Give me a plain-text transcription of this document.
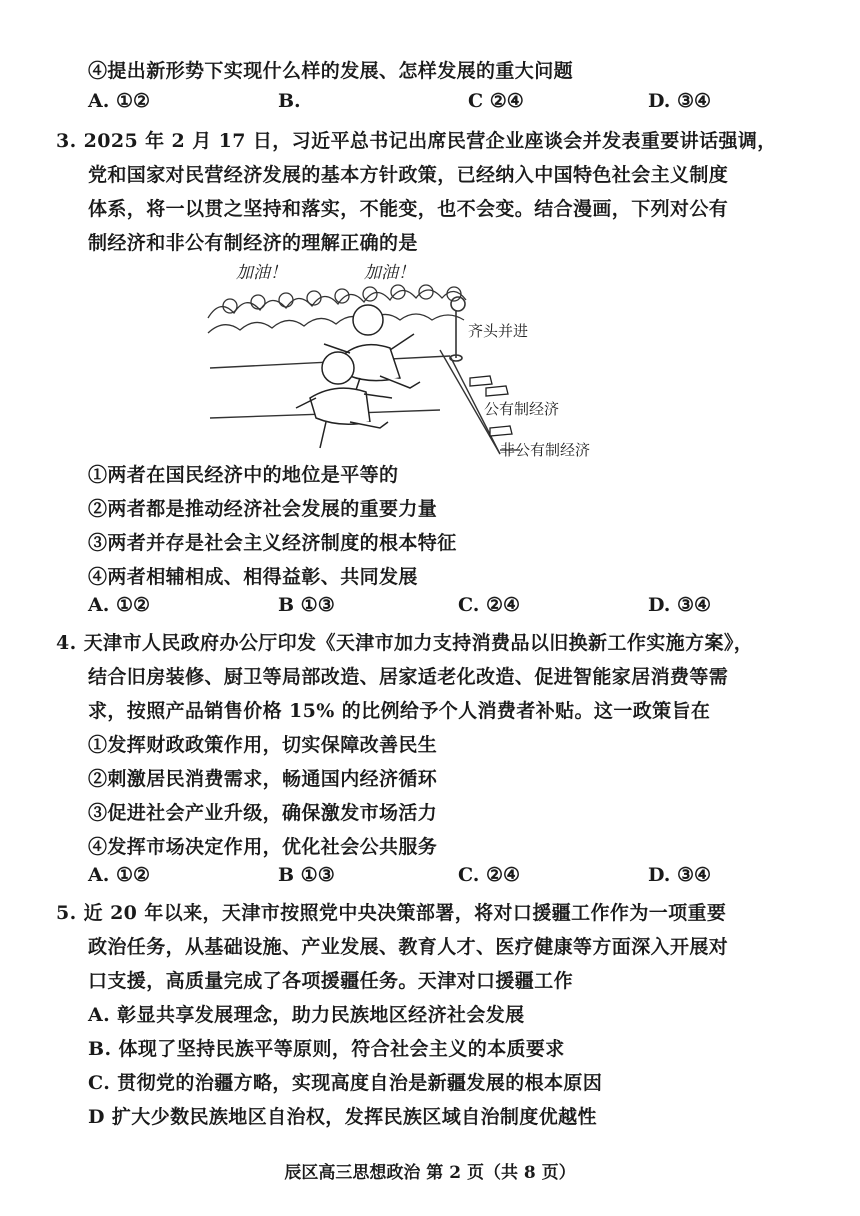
④提出新形势下实现什么样的发展、怎样发展的重大问题
A. ①②	B.	C ②④	D. ③④
3. 2025 年 2 月 17 日，习近平总书记出席民营企业座谈会并发表重要讲话强调，
党和国家对民营经济发展的基本方针政策，已经纳入中国特色社会主义制度
体系，将一以贯之坚持和落实，不能变，也不会变。结合漫画，下列对公有
制经济和非公有制经济的理解正确的是
加油！	加油！
齐头并进
公有制经济
非公有制经济
①两者在国民经济中的地位是平等的
②两者都是推动经济社会发展的重要力量
③两者并存是社会主义经济制度的根本特征
④两者相辅相成、相得益彰、共同发展
A. ①②	B ①③	C. ②④	D. ③④
4. 天津市人民政府办公厅印发《天津市加力支持消费品以旧换新工作实施方案》，
结合旧房装修、厨卫等局部改造、居家适老化改造、促进智能家居消费等需
求，按照产品销售价格 15% 的比例给予个人消费者补贴。这一政策旨在
①发挥财政政策作用，切实保障改善民生
②刺激居民消费需求，畅通国内经济循环
③促进社会产业升级，确保激发市场活力
④发挥市场决定作用，优化社会公共服务
A. ①②	B ①③	C. ②④	D. ③④
5. 近 20 年以来，天津市按照党中央决策部署，将对口援疆工作作为一项重要
政治任务，从基础设施、产业发展、教育人才、医疗健康等方面深入开展对
口支援，高质量完成了各项援疆任务。天津对口援疆工作
A. 彰显共享发展理念，助力民族地区经济社会发展
B. 体现了坚持民族平等原则，符合社会主义的本质要求
C. 贯彻党的治疆方略，实现高度自治是新疆发展的根本原因
D 扩大少数民族地区自治权，发挥民族区域自治制度优越性
辰区高三思想政治 第 2 页（共 8 页）
